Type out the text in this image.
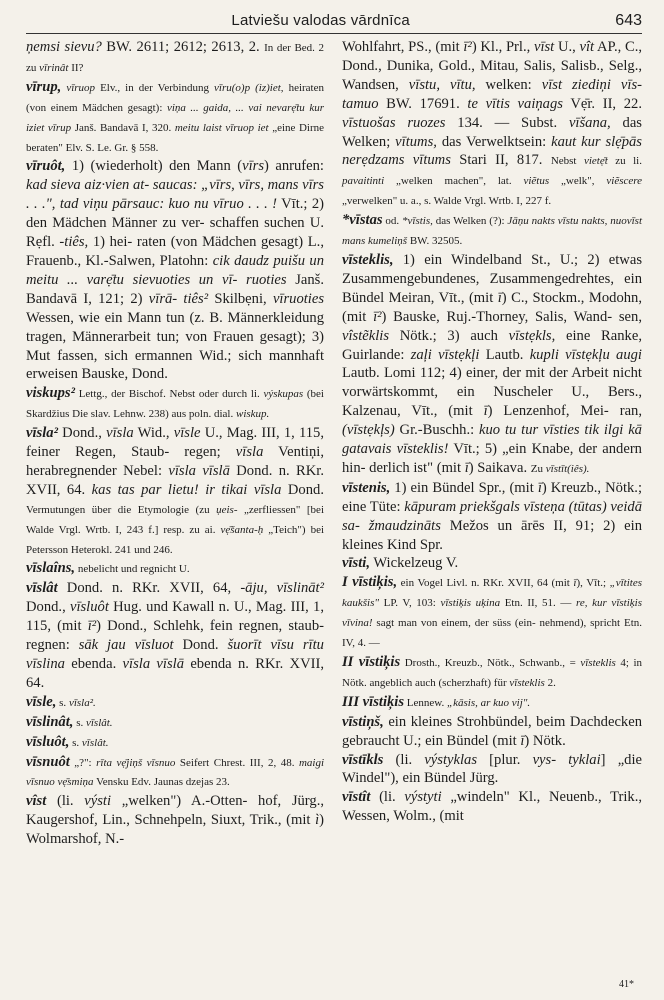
Latviešu valodas vārdnīca	643

ņemsi sievu? BW. 2611; 2612; 2613, 2. In der Bed. 2 zu vīrinât II?

vīrup, vīruop Elv., in der Verbindung vīru(o)p (iz)iet, heiraten (von einem Mädchen gesagt): viņa ... gaida, ... vai nevarẹ̄tu kur iziet vīrup Janš. Bandavā I, 320. meitu laist vīruop iet „eine Dirne beraten" Elv. S. Le. Gr. § 558.

vīruôt, 1) (wiederholt) den Mann (vīrs) anrufen: kad sieva aiz·vien at- saucas: „vīrs, vīrs, mans vīrs . . .", tad viņu pārsauc: kuo nu vīruo . . . ! Vīt.; 2) den Mädchen Männer zu ver- schaffen suchen U. Rẹfl. -tiês, 1) hei- raten (von Mädchen gesagt) L., Frauenb., Kl.-Salwen, Platohn: cik daudz puišu un meitu ... varẹ̄tu sievuoties un vī- ruoties Janš. Bandavā I, 121; 2) vīrā- tiês² Skilbẹni, vīruoties Wessen, wie ein Mann tun (z. B. Männerkleidung tragen, Männerarbeit tun; von Frauen gesagt); 3) Mut fassen, sich ermannen Wid.; sich mannhaft erweisen Bauske, Dond.

viskups² Lettg., der Bischof. Nebst oder durch li. výskupas (bei Skardžius Die slav. Lehnw. 238) aus poln. dial. wiskup.

vīsla² Dond., vīsla Wid., vīsle U., Mag. III, 1, 115, feiner Regen, Staub- regen; vīsla Ventiņi, herabregnender Nebel: vīsla vīslā Dond. n. RKr. XVII, 64. kas tas par lietu! ir tikai vīsla Dond. Vermutungen über die Etymologie (zu ụeis- „zerfliessen" [bei Walde Vrgl. Wrtb. I, 243 f.] resp. zu ai. vẹ̄šanta-ḥ „Teich") bei Petersson Heterokl. 241 und 246.

vīslaîns, nebelicht und regnicht U.

vīslât Dond. n. RKr. XVII, 64, -āju, vīslināt² Dond., vīsluôt Hug. und Kawall n. U., Mag. III, 1, 115, (mit ī²) Dond., Schlehk, fein regnen, staub- regnen: sāk jau vīsluot Dond. šuorīt vīsu rītu vīslina ebenda. vīsla vīslā ebenda n. RKr. XVII, 64.

vīsle, s. vīsla².

vīslinât, s. vīslât.

vīsluôt, s. vīslât.

vīsnuôt „?": rīta vẹ̄jiņš vīsnuo Seifert Chrest. III, 2, 48. maigi vīsnuo vẹ̄smiņa Vensku Edv. Jaunas dzejas 23.

vîst (li. výsti „welken") A.-Otten- hof, Jürg., Kaugershof, Lin., Schnehpeln, Siuxt, Trik., (mit ì) Wolmarshof, N.-

Wohlfahrt, PS., (mit ī²) Kl., Prl., vīst U., vît AP., C., Dond., Dunika, Gold., Mitau, Salis, Salisb., Selg., Wandsen, vīstu, vītu, welken: vīst ziediņi vīs- tamuo BW. 17691. te vītis vaiņags Vẹ̄r. II, 22. vīstuošas ruozes 134. — Subst. vīšana, das Welken; vītums, das Verwelktsein: kaut kur slẹ̄pās nerẹdzams vītums Stari II, 817. Nebst vietẹ̄t zu li. pavaitinti „welken machen", lat. viẽtus „welk", viẽscere „verwelken" u. a., s. Walde Vrgl. Wrtb. I, 227 f.

*vīstas od. *vīstis, das Welken (?): Jāņu nakts vīstu nakts, nuovīst mans kumeliņš BW. 32505.

vīsteklis, 1) ein Windelband St., U.; 2) etwas Zusammengebundenes, Zusammengedrehtes, ein Bündel Meiran, Vīt., (mit ī) C., Stockm., Modohn, (mit ī²) Bauske, Ruj.-Thorney, Salis, Wand- sen, vîstẽklis Nötk.; 3) auch vīstẹkls, eine Ranke, Guirlande: zaļi vīstẹkļi Lautb. kupli vīstẹkļu augi Lautb. Lomi 112; 4) einer, der mit der Arbeit nicht vorwärtskommt, ein Nuscheler U., Bers., Kalzenau, Vīt., (mit ī) Lenzenhof, Mei- ran, (vīstẹkļs) Gr.-Buschh.: kuo tu tur vīsties tik ilgi kā gatavais vīsteklis! Vīt.; 5) „ein Knabe, der andern hin- derlich ist" (mit ī) Saikava. Zu vīstīt(iês).

vīstenis, 1) ein Bündel Spr., (mit ī) Kreuzb., Nötk.; eine Tüte: kāpuram priekšgals vīsteņa (tūtas) veidā sa- žmaudzināts Mežos un ārēs II, 91; 2) ein kleines Kind Spr.

vīsti, Wickelzeug V.

I vīstiķis, ein Vogel Livl. n. RKr. XVII, 64 (mit ī), Vīt.; „vītites kaukšis" LP. V, 103: vīstiķis uķina Etn. II, 51. — re, kur vīstiķis vīvina! sagt man von einem, der süss (ein- nehmend), spricht Etn. IV, 4. —

II vīstiķis Drosth., Kreuzb., Nötk., Schwanb., = vīsteklis 4; in Nötk. angeblich auch (scherzhaft) für vīsteklis 2.

III vīstiķis Lennew. „kāsis, ar kuo vij".

vīstiņš, ein kleines Strohbündel, beim Dachdecken gebraucht U.; ein Bündel (mit ī) Nötk.

vīstīkls (li. výstyklas [plur. vys- tyklai] „die Windel"), ein Bündel Jürg.

vīstît (li. výstyti „windeln" Kl., Neuenb., Trik., Wessen, Wolm., (mit

41*
